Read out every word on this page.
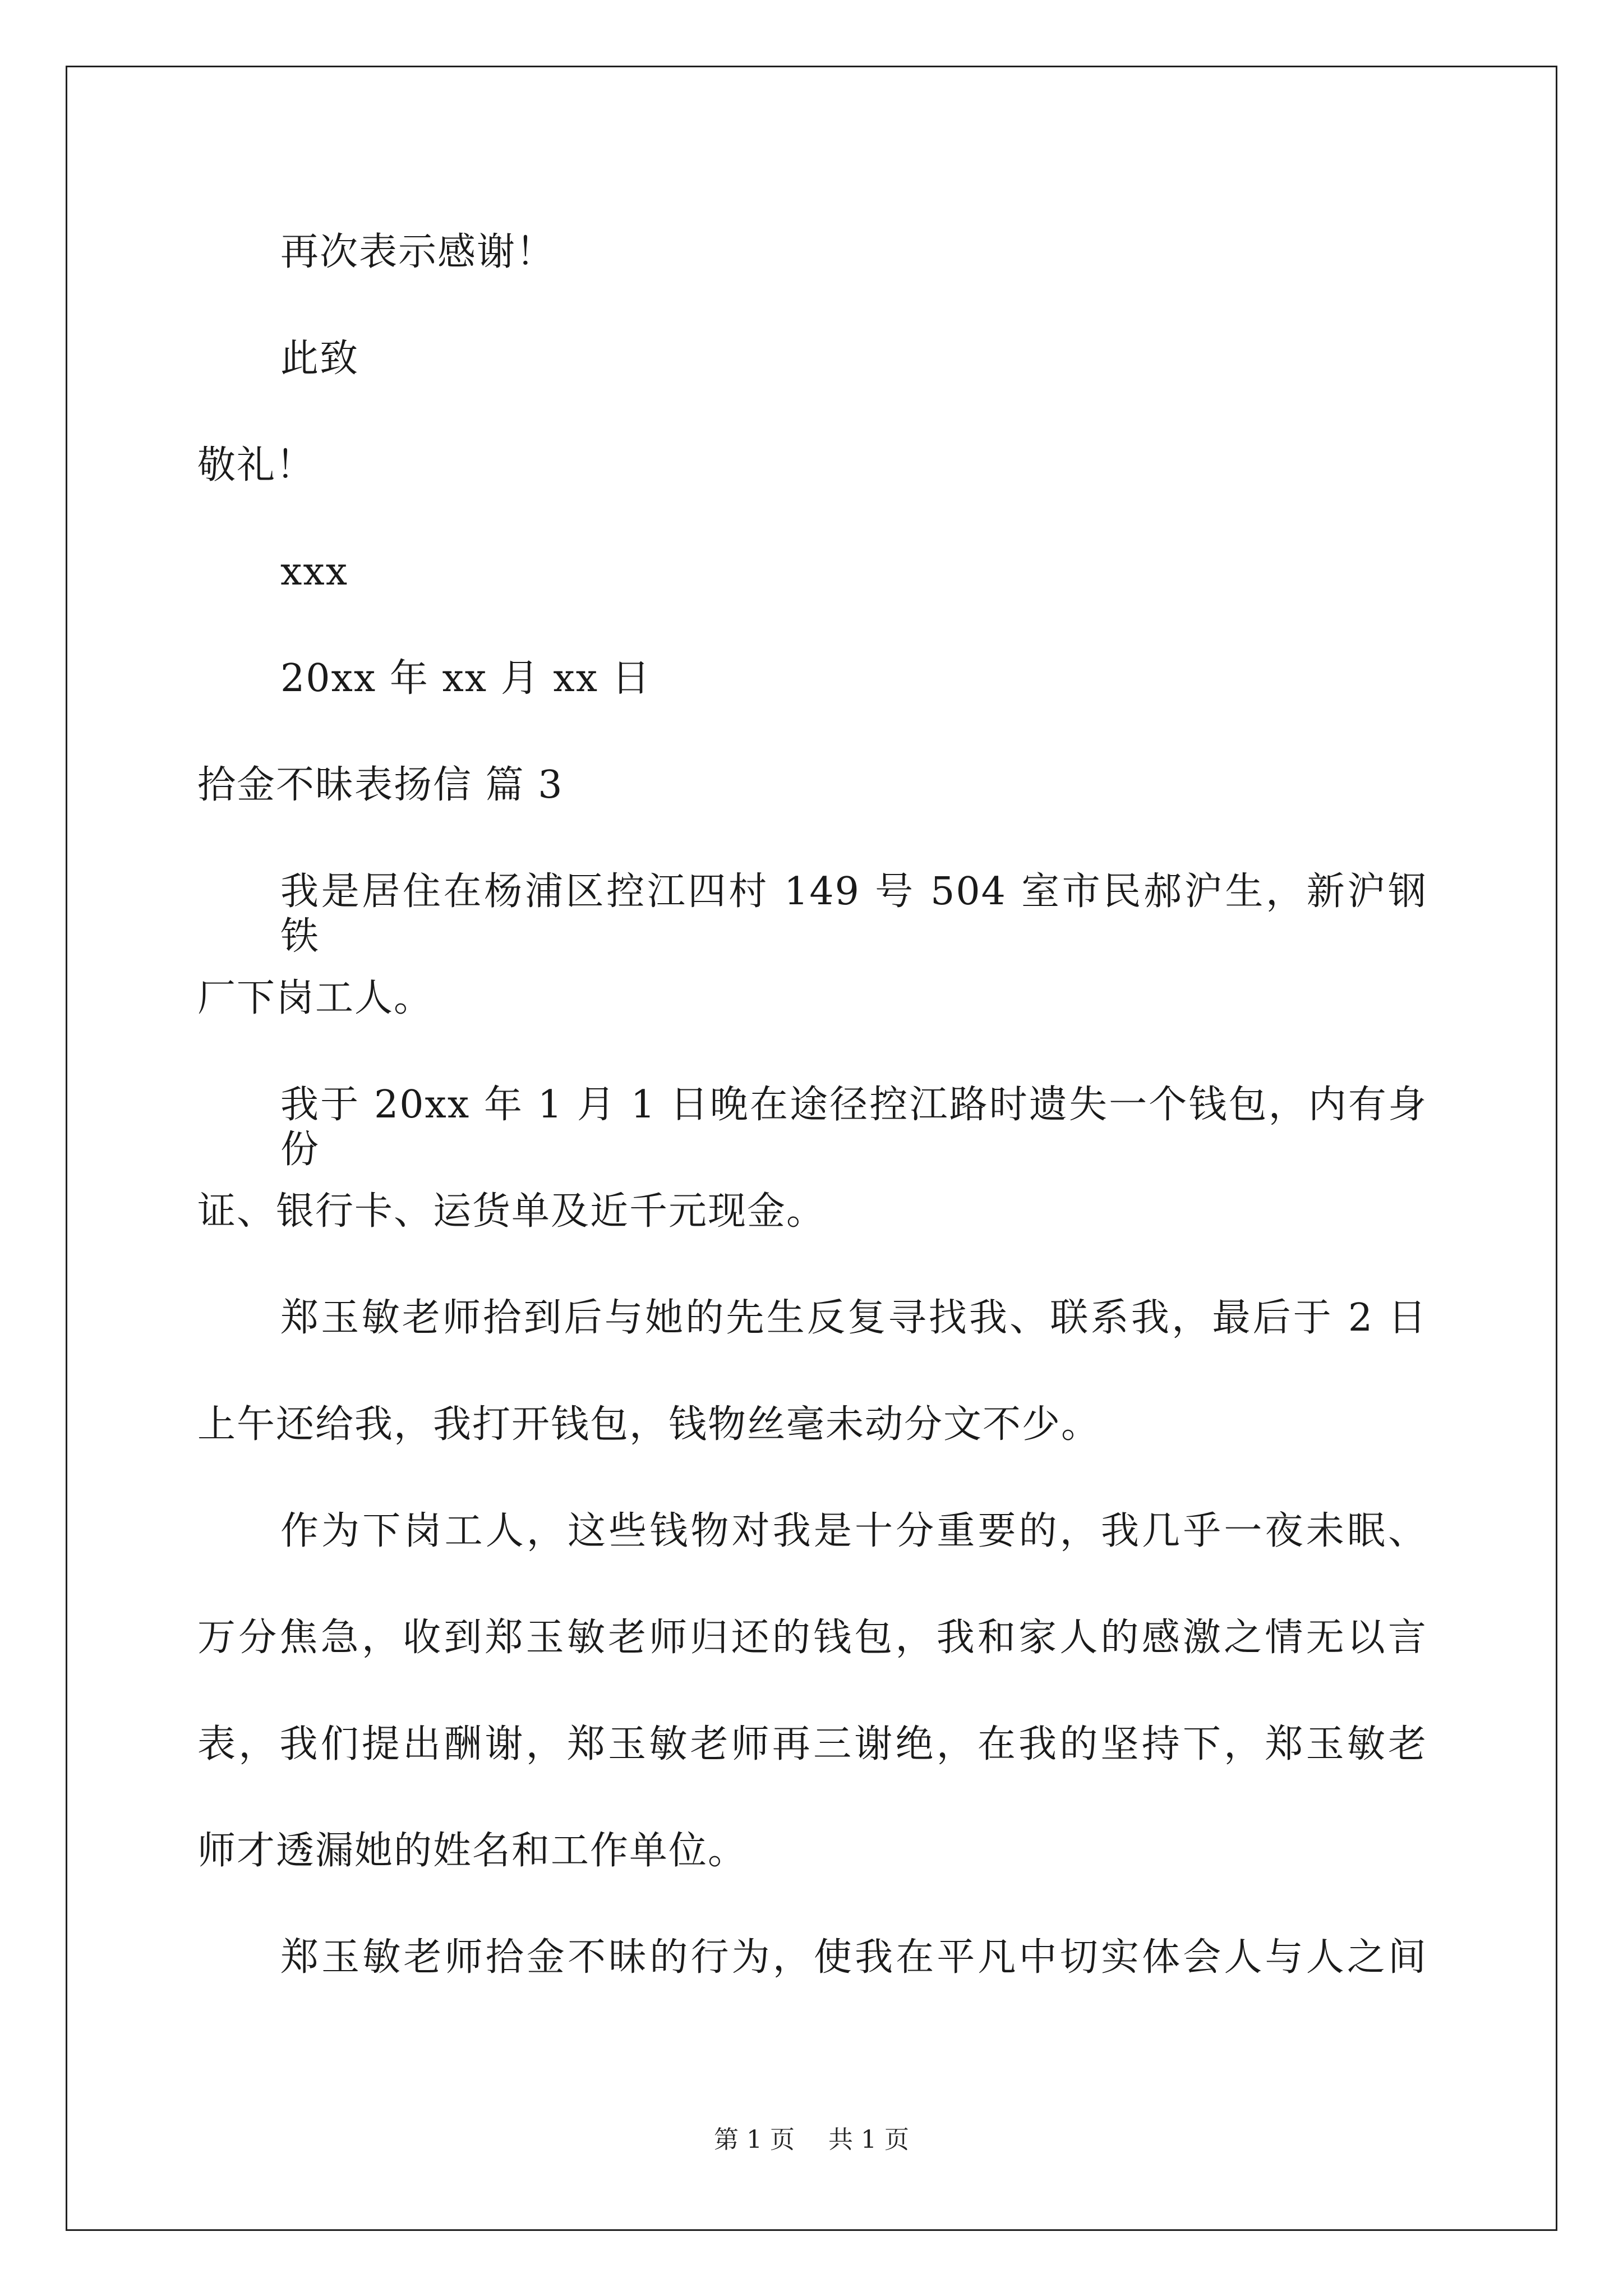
再次表示感谢！
此致
敬礼！
xxx
20xx 年 xx 月 xx 日
拾金不昧表扬信 篇 3
我是居住在杨浦区控江四村 149 号 504 室市民郝沪生，新沪钢铁
厂下岗工人。
我于 20xx 年 1 月 1 日晚在途径控江路时遗失一个钱包，内有身份
证、银行卡、运货单及近千元现金。
郑玉敏老师拾到后与她的先生反复寻找我、联系我，最后于 2 日
上午还给我，我打开钱包，钱物丝毫未动分文不少。
作为下岗工人，这些钱物对我是十分重要的，我几乎一夜未眠、
万分焦急，收到郑玉敏老师归还的钱包，我和家人的感激之情无以言
表，我们提出酬谢，郑玉敏老师再三谢绝，在我的坚持下，郑玉敏老
师才透漏她的姓名和工作单位。
郑玉敏老师拾金不昧的行为，使我在平凡中切实体会人与人之间
第 1 页 共 1 页
